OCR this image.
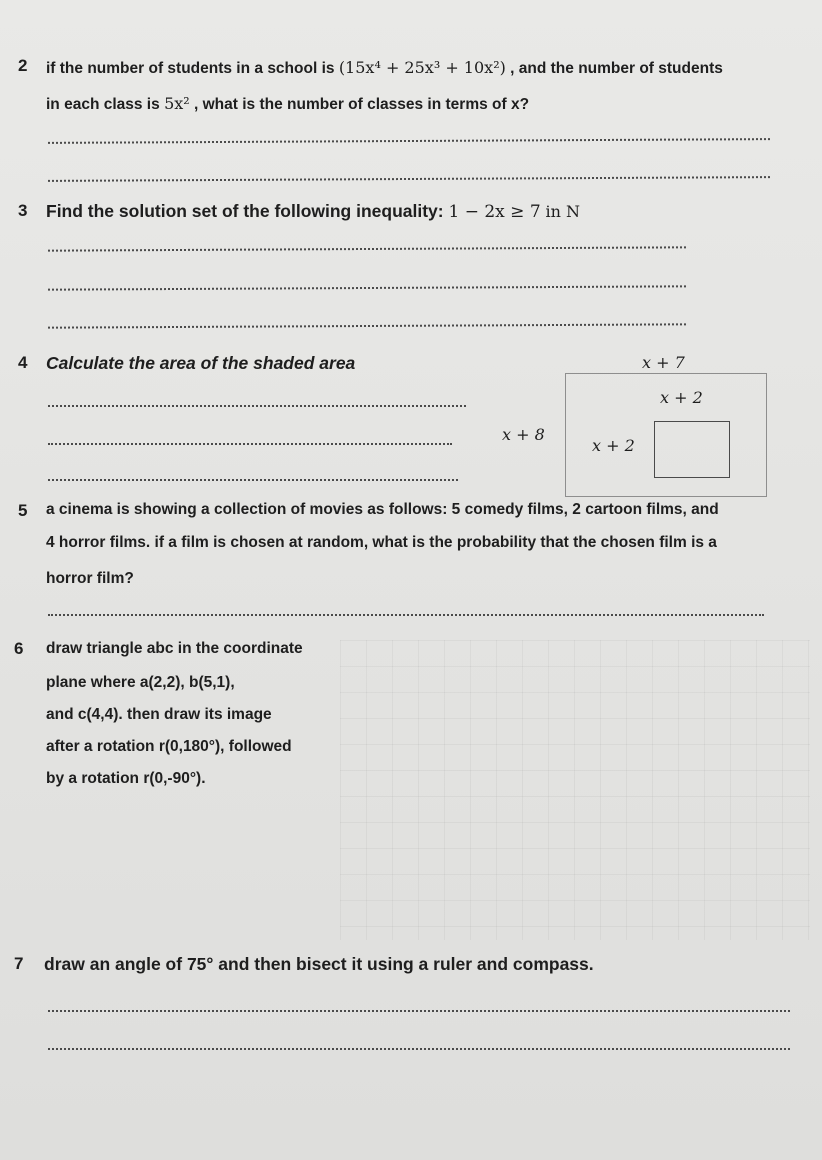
2 if the number of students in a school is (15x⁴ + 25x³ + 10x²) , and the number of students
in each class is 5x² , what is the number of classes in terms of x?
3 Find the solution set of the following inequality: 1 − 2x ≥ 7 in N
4 Calculate the area of the shaded area	x + 7
x + 8
x + 2
x + 2
5 a cinema is showing a collection of movies as follows: 5 comedy films, 2 cartoon films, and
4 horror films. if a film is chosen at random, what is the probability that the chosen film is a
horror film?
6 draw triangle abc in the coordinate
plane where a(2,2), b(5,1),
and c(4,4). then draw its image
after a rotation r(0,180°), followed
by a rotation r(0,-90°).
7 draw an angle of 75° and then bisect it using a ruler and compass.
